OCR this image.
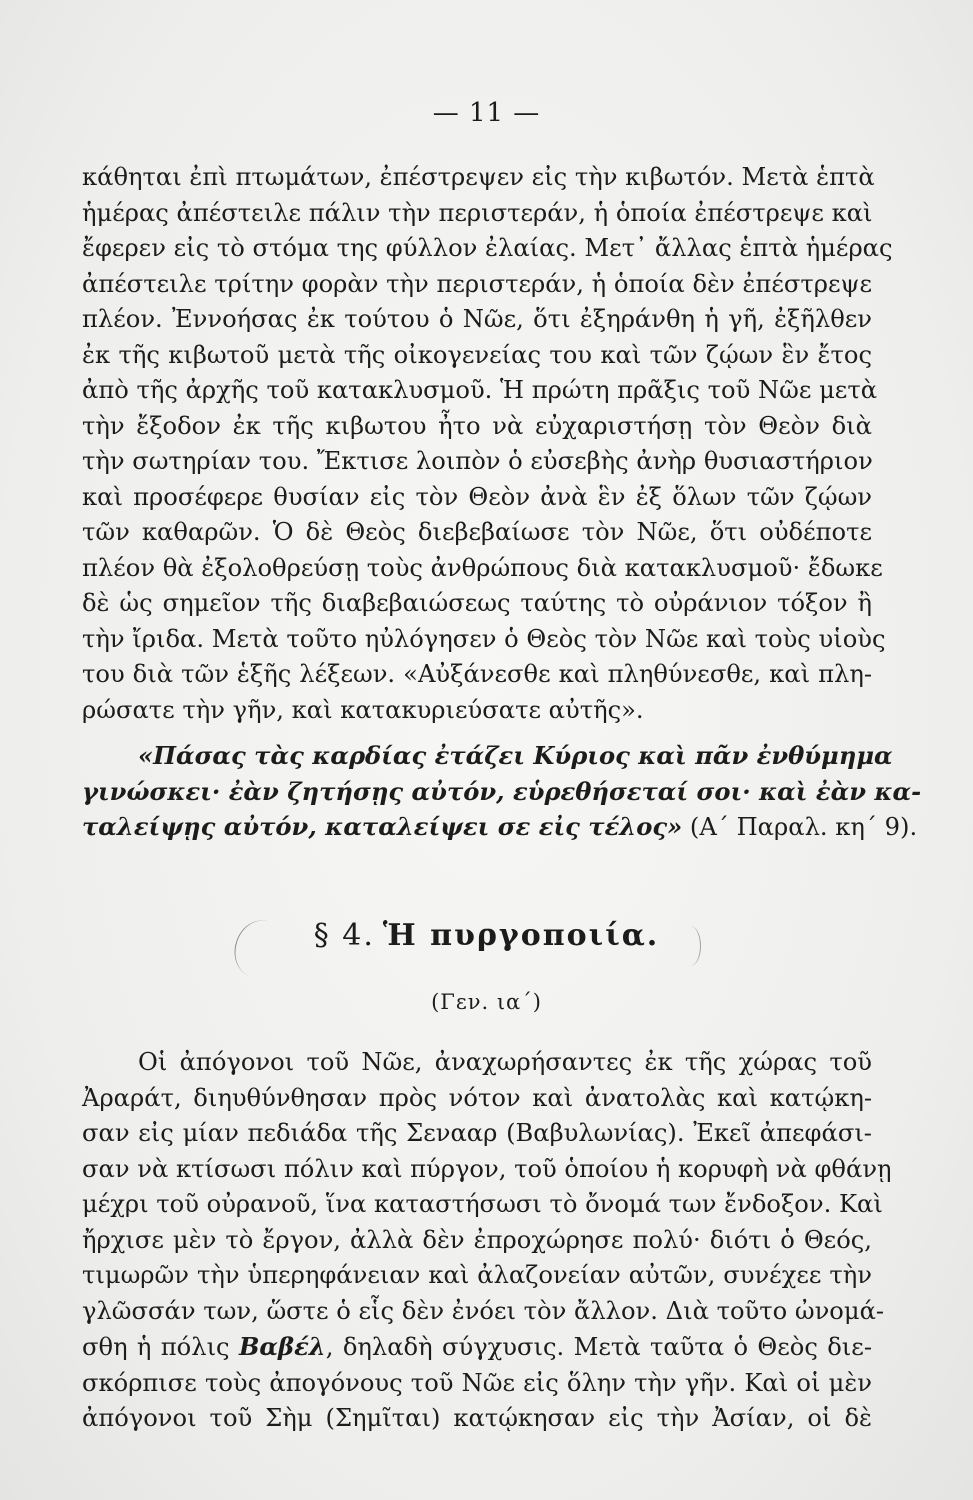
— 11 —
κάθηται ἐπὶ πτωμάτων, ἐπέστρεψεν εἰς τὴν κιβωτόν. Μετὰ ἑπτὰ
ἡμέρας ἀπέστειλε πάλιν τὴν περιστεράν, ἡ ὁποία ἐπέστρεψε καὶ
ἔφερεν εἰς τὸ στόμα της φύλλον ἐλαίας. Μετ᾽ ἄλλας ἑπτὰ ἡμέρας
ἀπέστειλε τρίτην φορὰν τὴν περιστεράν, ἡ ὁποία δὲν ἐπέστρεψε
πλέον. Ἐννοήσας ἐκ τούτου ὁ Νῶε, ὅτι ἐξηράνθη ἡ γῆ, ἐξῆλθεν
ἐκ τῆς κιβωτοῦ μετὰ τῆς οἰκογενείας του καὶ τῶν ζῴων ἓν ἔτος
ἀπὸ τῆς ἀρχῆς τοῦ κατακλυσμοῦ. Ἡ πρώτη πρᾶξις τοῦ Νῶε μετὰ
τὴν ἔξοδον ἐκ τῆς κιβωτου ἦτο νὰ εὐχαριστήσῃ τὸν Θεὸν διὰ
τὴν σωτηρίαν του. Ἔκτισε λοιπὸν ὁ εὐσεβὴς ἀνὴρ θυσιαστήριον
καὶ προσέφερε θυσίαν εἰς τὸν Θεὸν ἀνὰ ἓν ἐξ ὅλων τῶν ζῴων
τῶν καθαρῶν. Ὁ δὲ Θεὸς διεβεβαίωσε τὸν Νῶε, ὅτι οὐδέποτε
πλέον θὰ ἐξολοθρεύσῃ τοὺς ἀνθρώπους διὰ κατακλυσμοῦ· ἔδωκε
δὲ ὡς σημεῖον τῆς διαβεβαιώσεως ταύτης τὸ οὐράνιον τόξον ἢ
τὴν ἴριδα. Μετὰ τοῦτο ηὐλόγησεν ὁ Θεὸς τὸν Νῶε καὶ τοὺς υἱοὺς
του διὰ τῶν ἑξῆς λέξεων. «Αὐξάνεσθε καὶ πληθύνεσθε, καὶ πλη-
ρώσατε τὴν γῆν, καὶ κατακυριεύσατε αὐτῆς».
«Πάσας τὰς καρδίας ἐτάζει Κύριος καὶ πᾶν ἐνθύμημα
γινώσκει· ἐὰν ζητήσῃς αὐτόν, εὑρεθήσεταί σοι· καὶ ἐὰν κα-
ταλείψῃς αὐτόν, καταλείψει σε εἰς τέλος» (Α΄ Παραλ. κη΄ 9).
§ 4. Ἡ πυργοποιία.
(Γεν. ια΄)
Οἱ ἀπόγονοι τοῦ Νῶε, ἀναχωρήσαντες ἐκ τῆς χώρας τοῦ
Ἀραράτ, διηυθύνθησαν πρὸς νότον καὶ ἀνατολὰς καὶ κατῴκη-
σαν εἰς μίαν πεδιάδα τῆς Σενααρ (Βαβυλωνίας). Ἐκεῖ ἀπεφάσι-
σαν νὰ κτίσωσι πόλιν καὶ πύργον, τοῦ ὁποίου ἡ κορυφὴ νὰ φθάνῃ
μέχρι τοῦ οὐρανοῦ, ἵνα καταστήσωσι τὸ ὄνομά των ἔνδοξον. Καὶ
ἤρχισε μὲν τὸ ἔργον, ἀλλὰ δὲν ἐπροχώρησε πολύ· διότι ὁ Θεός,
τιμωρῶν τὴν ὑπερηφάνειαν καὶ ἀλαζονείαν αὐτῶν, συνέχεε τὴν
γλῶσσάν των, ὥστε ὁ εἷς δὲν ἐνόει τὸν ἄλλον. Διὰ τοῦτο ὠνομά-
σθη ἡ πόλις Βαβέλ, δηλαδὴ σύγχυσις. Μετὰ ταῦτα ὁ Θεὸς διε-
σκόρπισε τοὺς ἀπογόνους τοῦ Νῶε εἰς ὅλην τὴν γῆν. Καὶ οἱ μὲν
ἀπόγονοι τοῦ Σὴμ (Σημῖται) κατῴκησαν εἰς τὴν Ἀσίαν, οἱ δὲ
